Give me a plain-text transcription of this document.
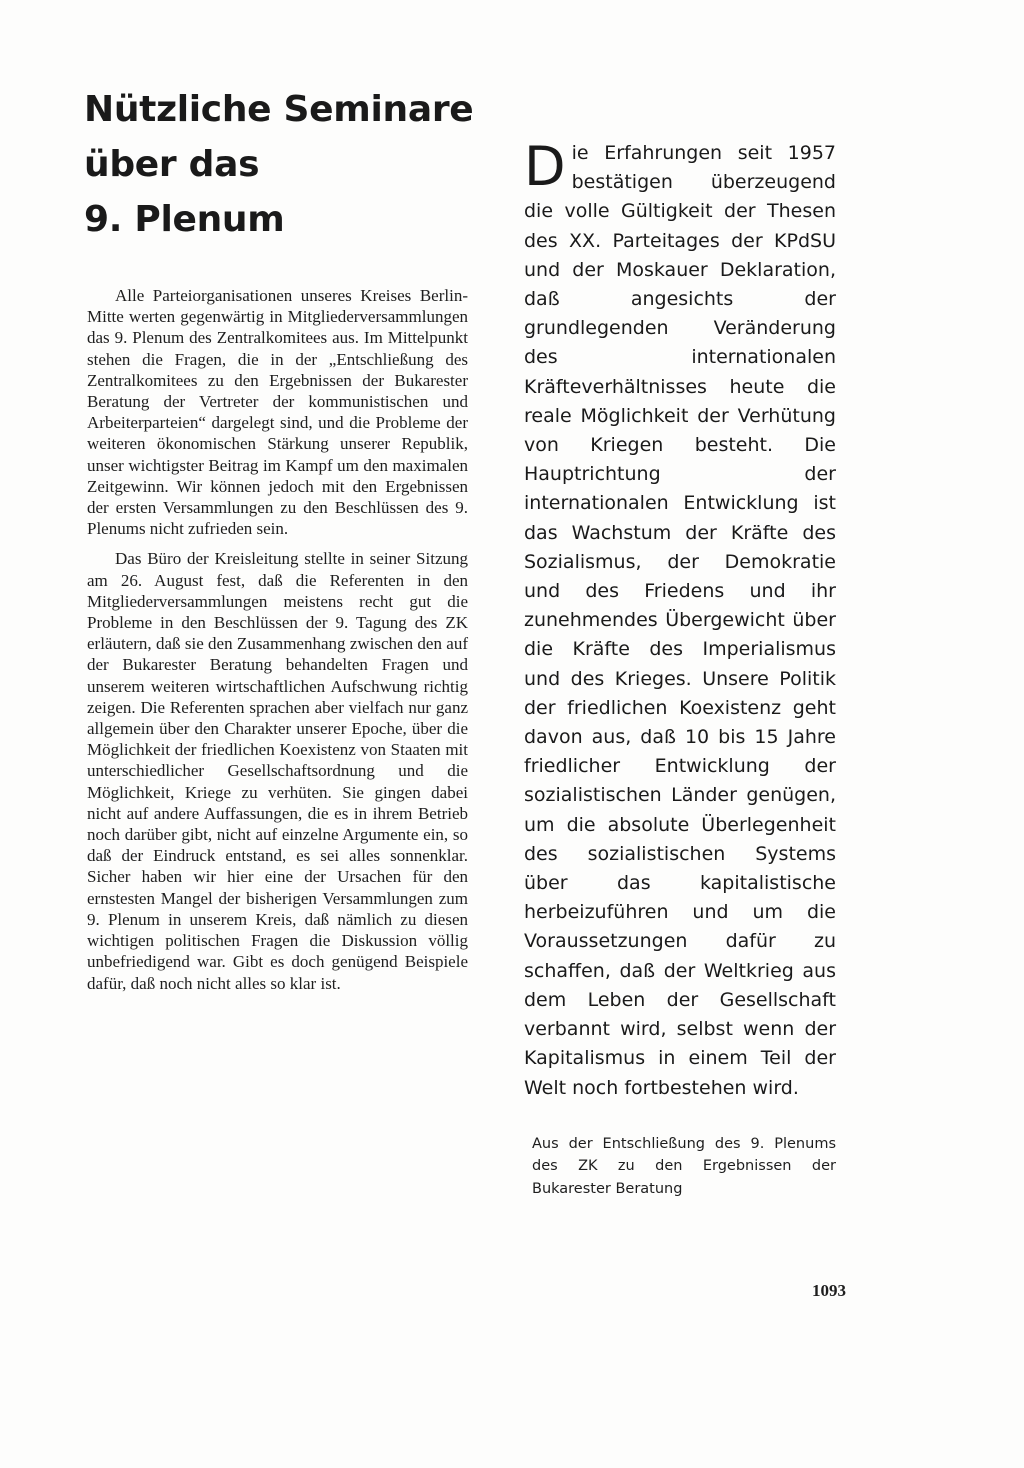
Nützliche Seminare
über das
9. Plenum

Alle Parteiorganisationen unseres Kreises Berlin-Mitte werten gegenwärtig in Mitgliederversammlungen das 9. Plenum des Zentralkomitees aus. Im Mittelpunkt stehen die Fragen, die in der „Entschließung des Zentralkomitees zu den Ergebnissen der Bukarester Beratung der Vertreter der kommunistischen und Arbeiterparteien“ dargelegt sind, und die Probleme der weiteren ökonomischen Stärkung unserer Republik, unser wichtigster Beitrag im Kampf um den maximalen Zeitgewinn. Wir können jedoch mit den Ergebnissen der ersten Versammlungen zu den Beschlüssen des 9. Plenums nicht zufrieden sein.

Das Büro der Kreisleitung stellte in seiner Sitzung am 26. August fest, daß die Referenten in den Mitgliederversammlungen meistens recht gut die Probleme in den Beschlüssen der 9. Tagung des ZK erläutern, daß sie den Zusammenhang zwischen den auf der Bukarester Beratung behandelten Fragen und unserem weiteren wirtschaftlichen Aufschwung richtig zeigen. Die Referenten sprachen aber vielfach nur ganz allgemein über den Charakter unserer Epoche, über die Möglichkeit der friedlichen Koexistenz von Staaten mit unterschiedlicher Gesellschaftsordnung und die Möglichkeit, Kriege zu verhüten. Sie gingen dabei nicht auf andere Auffassungen, die es in ihrem Betrieb noch darüber gibt, nicht auf einzelne Argumente ein, so daß der Eindruck entstand, es sei alles sonnenklar. Sicher haben wir hier eine der Ursachen für den ernstesten Mangel der bisherigen Versammlungen zum 9. Plenum in unserem Kreis, daß nämlich zu diesen wichtigen politischen Fragen die Diskussion völlig unbefriedigend war. Gibt es doch genügend Beispiele dafür, daß noch nicht alles so klar ist.

Die Erfahrungen seit 1957 bestätigen überzeugend die volle Gültigkeit der Thesen des XX. Parteitages der KPdSU und der Moskauer Deklaration, daß angesichts der grundlegenden Veränderung des internationalen Kräfteverhältnisses heute die reale Möglichkeit der Verhütung von Kriegen besteht. Die Hauptrichtung der internationalen Entwicklung ist das Wachstum der Kräfte des Sozialismus, der Demokratie und des Friedens und ihr zunehmendes Übergewicht über die Kräfte des Imperialismus und des Krieges. Unsere Politik der friedlichen Koexistenz geht davon aus, daß 10 bis 15 Jahre friedlicher Entwicklung der sozialistischen Länder genügen, um die absolute Überlegenheit des sozialistischen Systems über das kapitalistische herbeizuführen und um die Voraussetzungen dafür zu schaffen, daß der Weltkrieg aus dem Leben der Gesellschaft verbannt wird, selbst wenn der Kapitalismus in einem Teil der Welt noch fortbestehen wird.

Aus der Entschließung des 9. Plenums des ZK zu den Ergebnissen der Bukarester Beratung

1093
